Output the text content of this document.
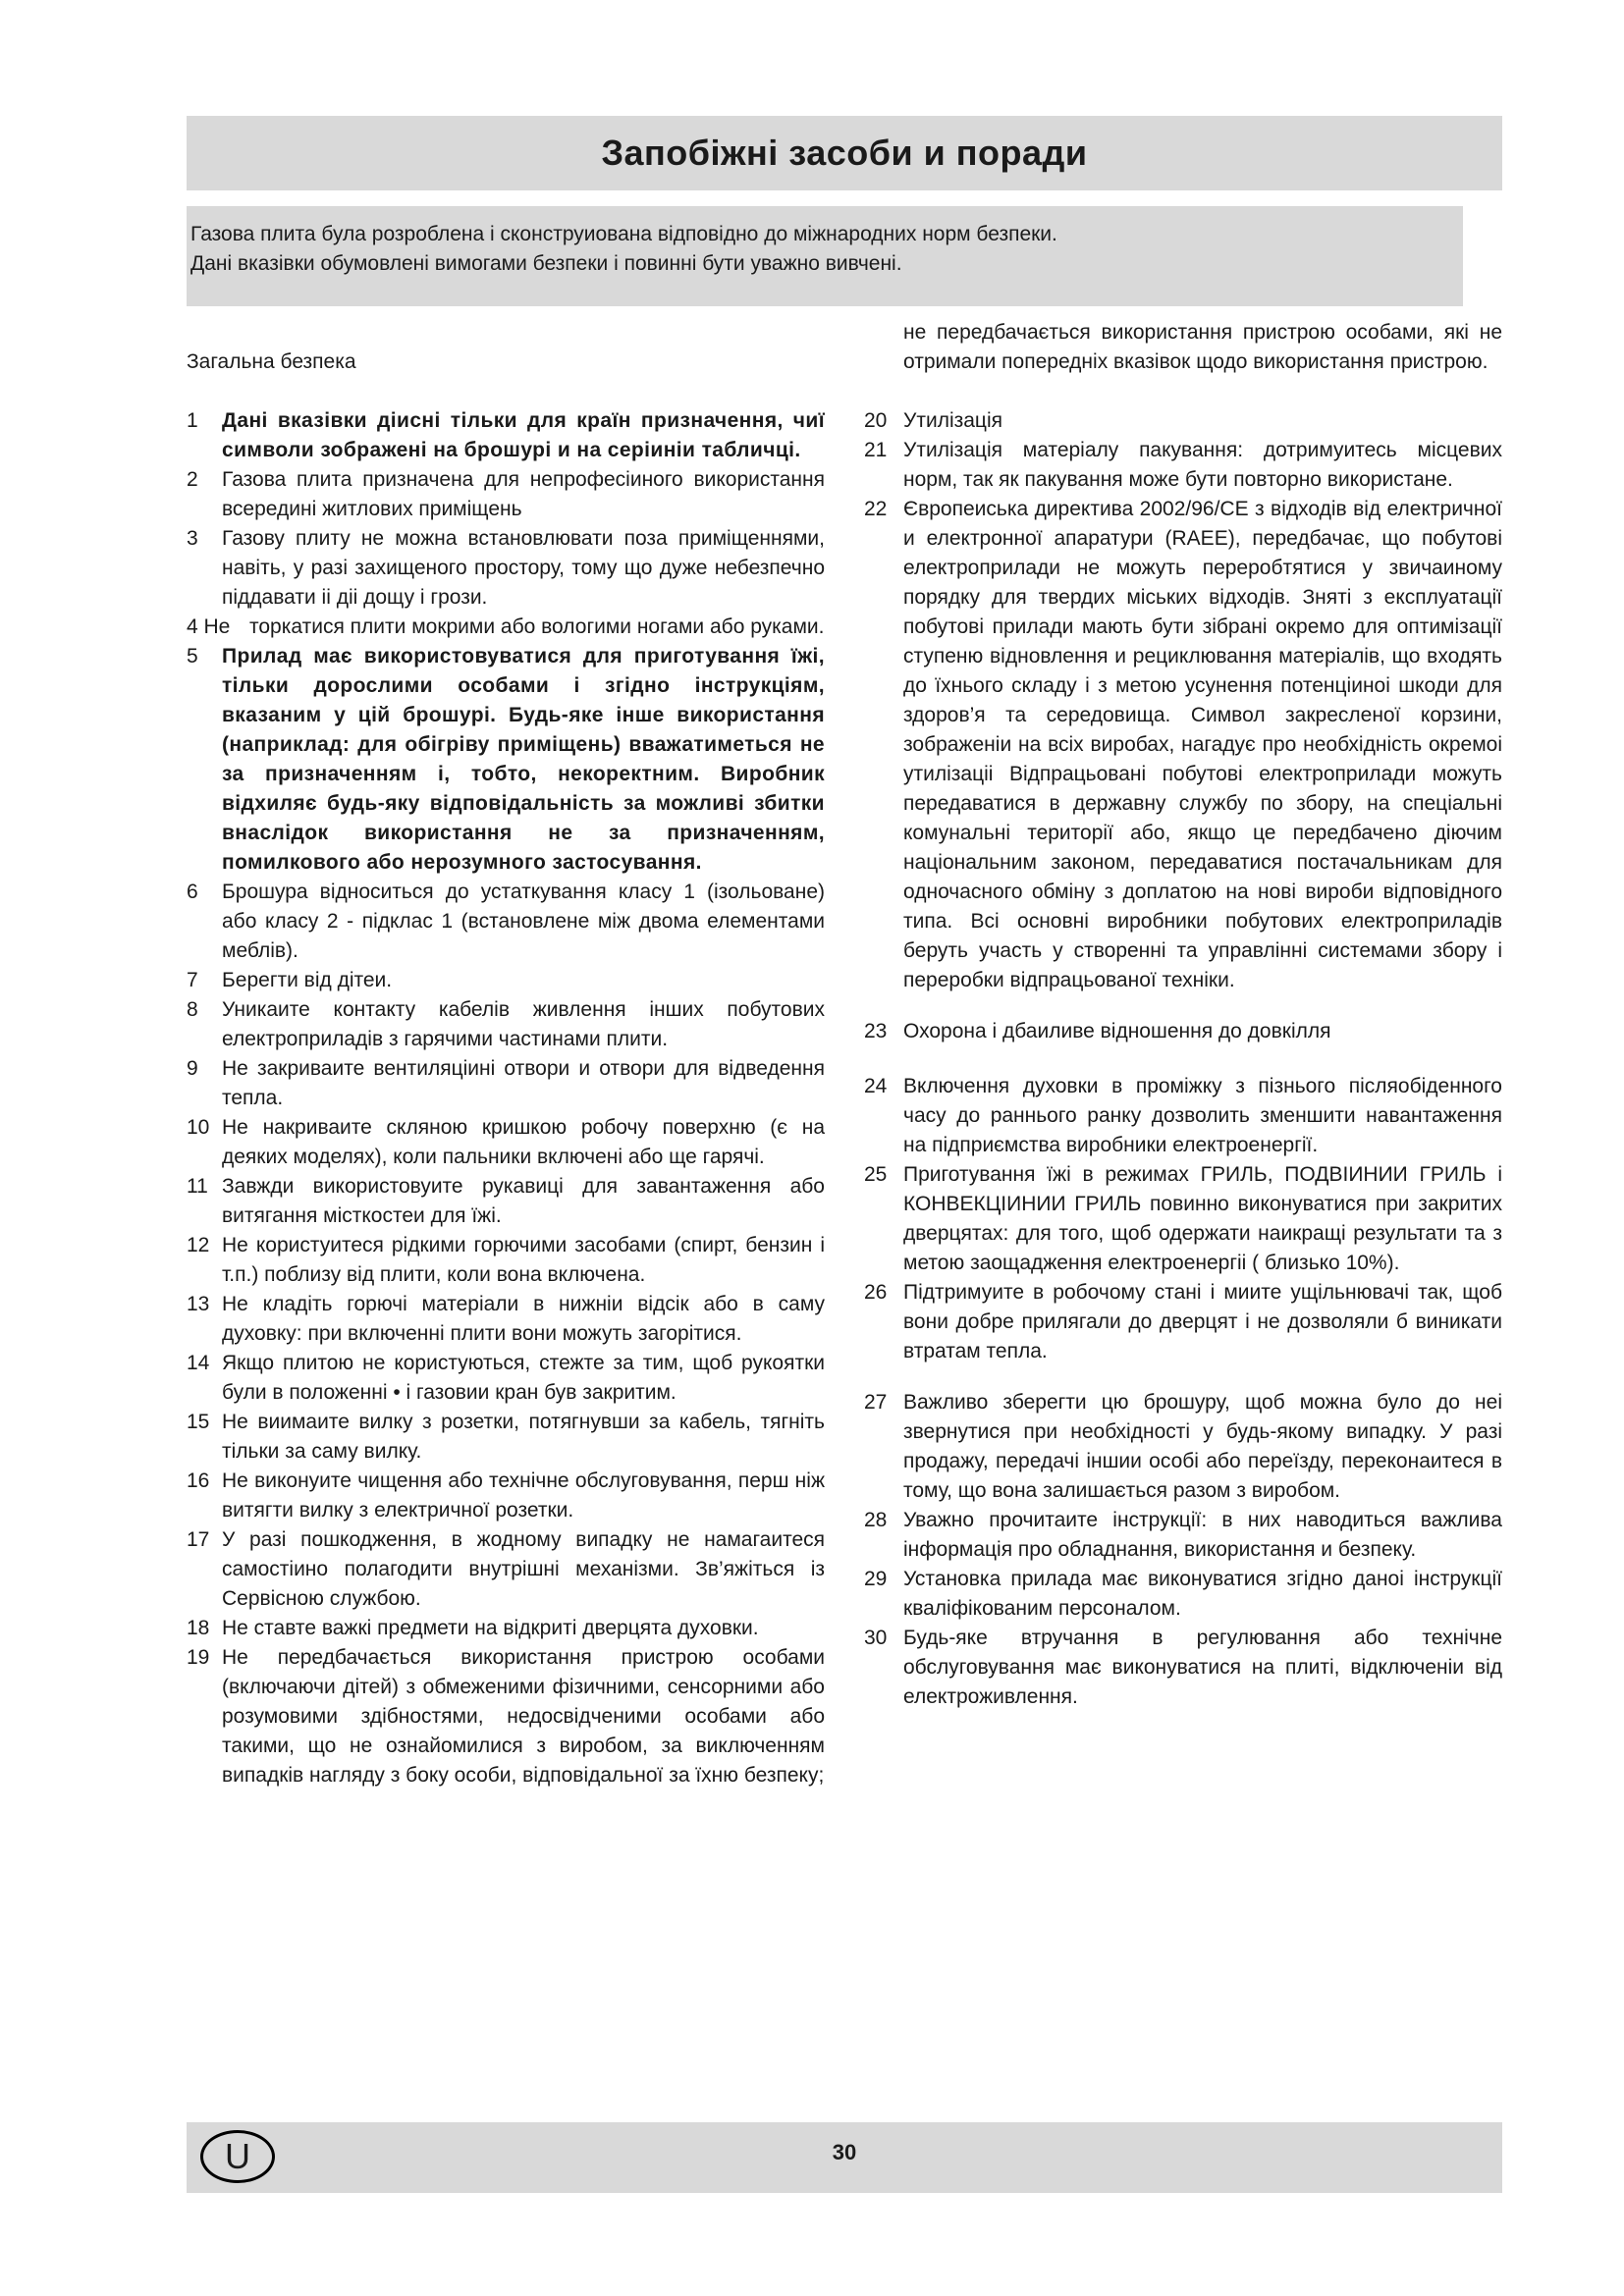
Запобіжні засоби и поради
Газова плита була розроблена і сконструиована відповідно до міжнародних норм безпеки.
Дані вказівки обумовлені вимогами безпеки і повинні бути уважно вивчені.
Загальна безпека
1	Дані вказівки діисні тільки для країн призначення, чиї символи зображені на брошурі и на серіиніи табличці.
2	Газова плита призначена для непрофесіиного використання всередині житлових приміщень
3	Газову плиту не можна встановлювати поза приміщеннями, навіть, у разі захищеного простору, тому що дуже небезпечно піддавати іі діі дощу і грози.
4 Не торкатися плити мокрими або вологими ногами або руками.
5	Прилад має використовуватися для приготування їжі, тільки дорослими особами і згідно інструкціям, вказаним у цій брошурі. Будь-яке інше використання (наприклад: для обігріву приміщень) вважатиметься не за призначенням і, тобто, некоректним. Виробник відхиляє будь-яку відповідальність за можливі збитки внаслідок використання не за призначенням, помилкового або нерозумного застосування.
6	Брошура відноситься до устаткування класу 1 (ізольоване) або класу 2 - підклас 1 (встановлене між двома елементами меблів).
7	Берегти від дітеи.
8	Уникаите контакту кабелів живлення інших побутових електроприладів з гарячими частинами плити.
9	Не закриваите вентиляціині отвори и отвори для відведення тепла.
10 Не накриваите скляною кришкою робочу поверхню (є на деяких моделях), коли пальники включені або ще гарячі.
11 Завжди використовуите рукавиці для завантаження або витягання місткостеи для їжі.
12 Не користуитеся рідкими горючими засобами (спирт, бензин і т.п.) поблизу від плити, коли вона включена.
13 Не кладіть горючі матеріали в нижніи відсік або в саму духовку: при включенні плити вони можуть загорітися.
14 Якщо плитою не користуються, стежте за тим, щоб рукоятки були в положенні • і газовии кран був закритим.
15 Не виимаите вилку з розетки, потягнувши за кабель, тягніть тільки за саму вилку.
16 Не виконуите чищення або технічне обслуговування, перш ніж витягти вилку з електричної розетки.
17 У разі пошкодження, в жодному випадку не намагаитеся самостіино полагодити внутрішні механізми. Зв’яжіться із Сервісною службою.
18 Не ставте важкі предмети на відкриті дверцята духовки.
19 Не передбачається використання пристрою особами (включаючи дітей) з обмеженими фізичними, сенсорними або розумовими здібностями, недосвідченими особами або такими, що не ознайомилися з виробом, за виключенням випадків нагляду з боку особи, відповідальної за їхню безпеку;
не передбачається використання пристрою особами, які не отримали попередніх вказівок щодо використання пристрою.
20 Утилізація
21 Утилізація матеріалу пакування: дотримуитесь місцевих норм, так як пакування може бути повторно використане.
22 Європеиська директива 2002/96/CE з відходів від електричної и електронної апаратури (RAEE), передбачає, що побутові електроприлади не можуть переробтятися у звичаиному порядку для твердих міських відходів. Зняті з експлуатації побутові прилади мають бути зібрані окремо для оптимізації ступеню відновлення и рециклювання матеріалів, що входять до їхнього складу і з метою усунення потенціиноі шкоди для здоров’я та середовища. Символ закресленої корзини, зображеніи на всіх виробах, нагадує про необхідність окремоі утилізаціі Відпрацьовані побутові електроприлади можуть передаватися в державну службу по збору, на спеціальні комунальні території або, якщо це передбачено діючим національним законом, передаватися постачальникам для одночасного обміну з доплатою на нові вироби відповідного типа. Всі основні виробники побутових електроприладів беруть участь у створенні та управлінні системами збору і переробки відпрацьованої техніки.
23 Охорона і дбаиливе відношення до довкілля
24 Включення духовки в проміжку з пізнього післяобіденного часу до раннього ранку дозволить зменшити навантаження на підприємства виробники електроенергії.
25 Приготування їжі в режимах ГРИЛЬ, ПОДВІИНИИ ГРИЛЬ і КОНВЕКЦІИНИИ ГРИЛЬ повинно виконуватися при закритих дверцятах: для того, щоб одержати наикращі результати та з метою заощадження електроенергіі ( близько 10%).
26 Підтримуите в робочому стані і миите ущільнювачі так, щоб вони добре прилягали до дверцят і не дозволяли б виникати втратам тепла.
27 Важливо зберегти цю брошуру, щоб можна було до неі звернутися при необхідності у будь-якому випадку. У разі продажу, передачі іншии особі або переїзду, переконаитеся в тому, що вона залишається разом з виробом.
28 Уважно прочитаите інструкції: в них наводиться важлива інформація про обладнання, використання и безпеку.
29 Установка прилада має виконуватися згідно даноі інструкції кваліфікованим персоналом.
30 Будь-яке втручання в регулювання або технічне обслуговування має виконуватися на плиті, відключеніи від електроживлення.
U	30
